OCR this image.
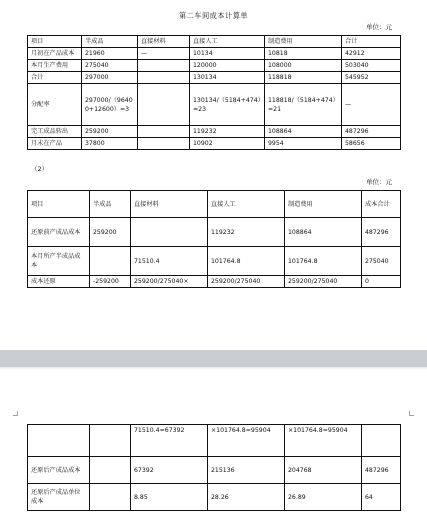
第二车间成本计算单
单位：元
项目	半成品	直接材料	直接人工	制造费用	合计
月初在产品成本	21960	—	10134	10818	42912
本月生产费用	275040		120000	108000	503040
合计	297000		130134	118818	545952
分配率	297000/（96400+12600）=3		130134/（5184+474）=23	118818/（5184+474）=21	—
完工成品转出	259200		119232	108864	487296
月末在产品	37800		10902	9954	58656
（2）
单位：元
项目	半成品	直接材料	直接人工	制造费用	成本合计
还原前产成品成本	259200		119232	108864	487296
本月所产半成品成本		71510.4	101764.8	101764.8	275040
成本还原	-259200	259200/275040×	259200/275040	259200/275040	0
		71510.4=67392	×101764.8=95904	×101764.8=95904	
还原后产成品成本		67392	215136	204768	487296
还原后产成品单位成本		8.85	28.26	26.89	64
